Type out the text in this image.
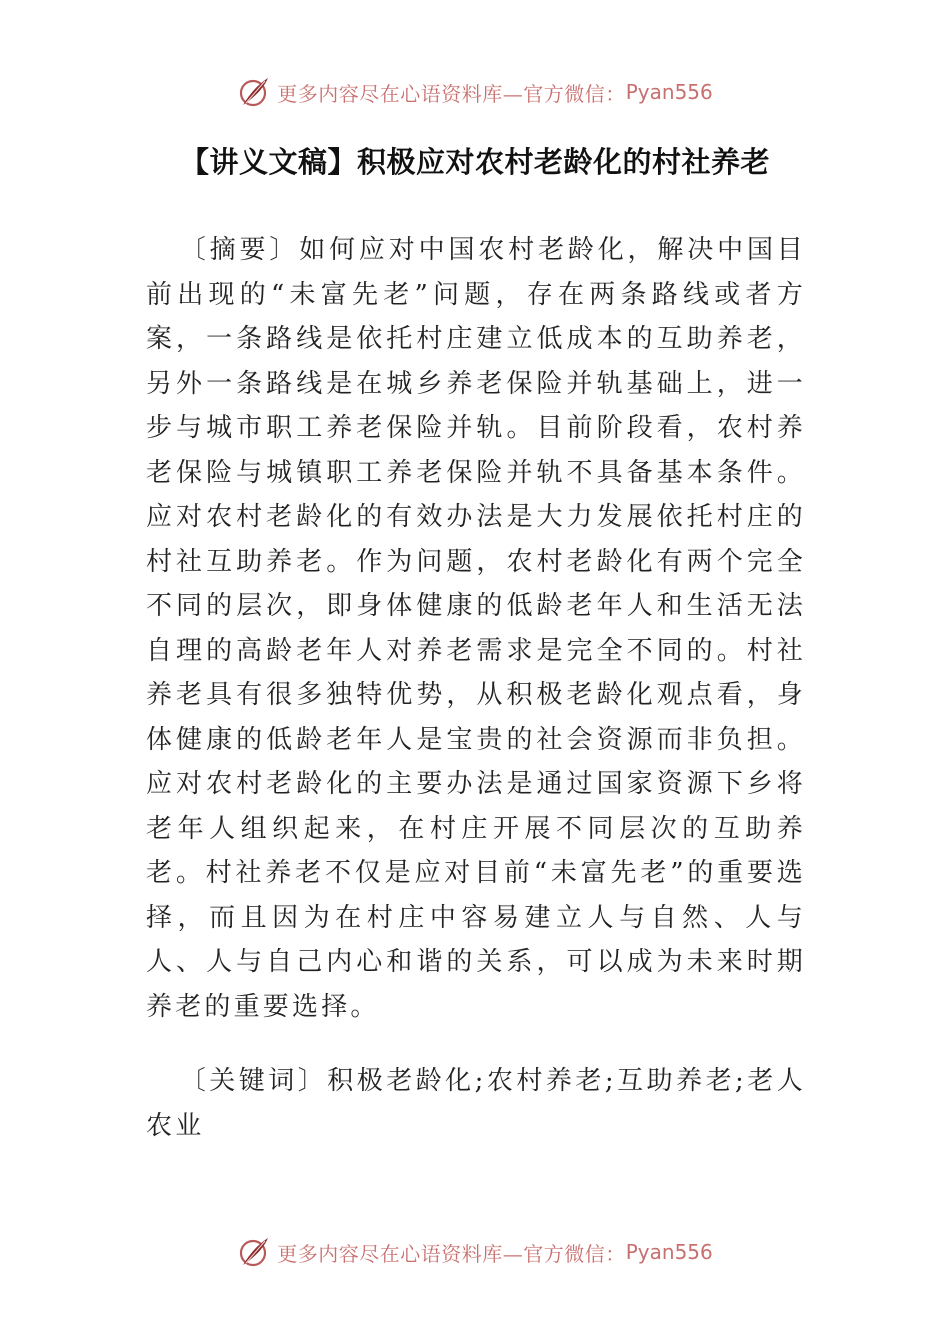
更多内容尽在心语资料库—官方微信： Pyan556
【讲义文稿】积极应对农村老龄化的村社养老

〔摘要〕如何应对中国农村老龄化，解决中国目前出现的“未富先老”问题，存在两条路线或者方案，一条路线是依托村庄建立低成本的互助养老，另外一条路线是在城乡养老保险并轨基础上，进一步与城市职工养老保险并轨。目前阶段看，农村养老保险与城镇职工养老保险并轨不具备基本条件。应对农村老龄化的有效办法是大力发展依托村庄的村社互助养老。作为问题，农村老龄化有两个完全不同的层次，即身体健康的低龄老年人和生活无法自理的高龄老年人对养老需求是完全不同的。村社养老具有很多独特优势，从积极老龄化观点看，身体健康的低龄老年人是宝贵的社会资源而非负担。应对农村老龄化的主要办法是通过国家资源下乡将老年人组织起来，在村庄开展不同层次的互助养老。村社养老不仅是应对目前“未富先老”的重要选择，而且因为在村庄中容易建立人与自然、人与人、人与自己内心和谐的关系，可以成为未来时期养老的重要选择。

〔关键词〕积极老龄化;农村养老;互助养老;老人农业

更多内容尽在心语资料库—官方微信： Pyan556
